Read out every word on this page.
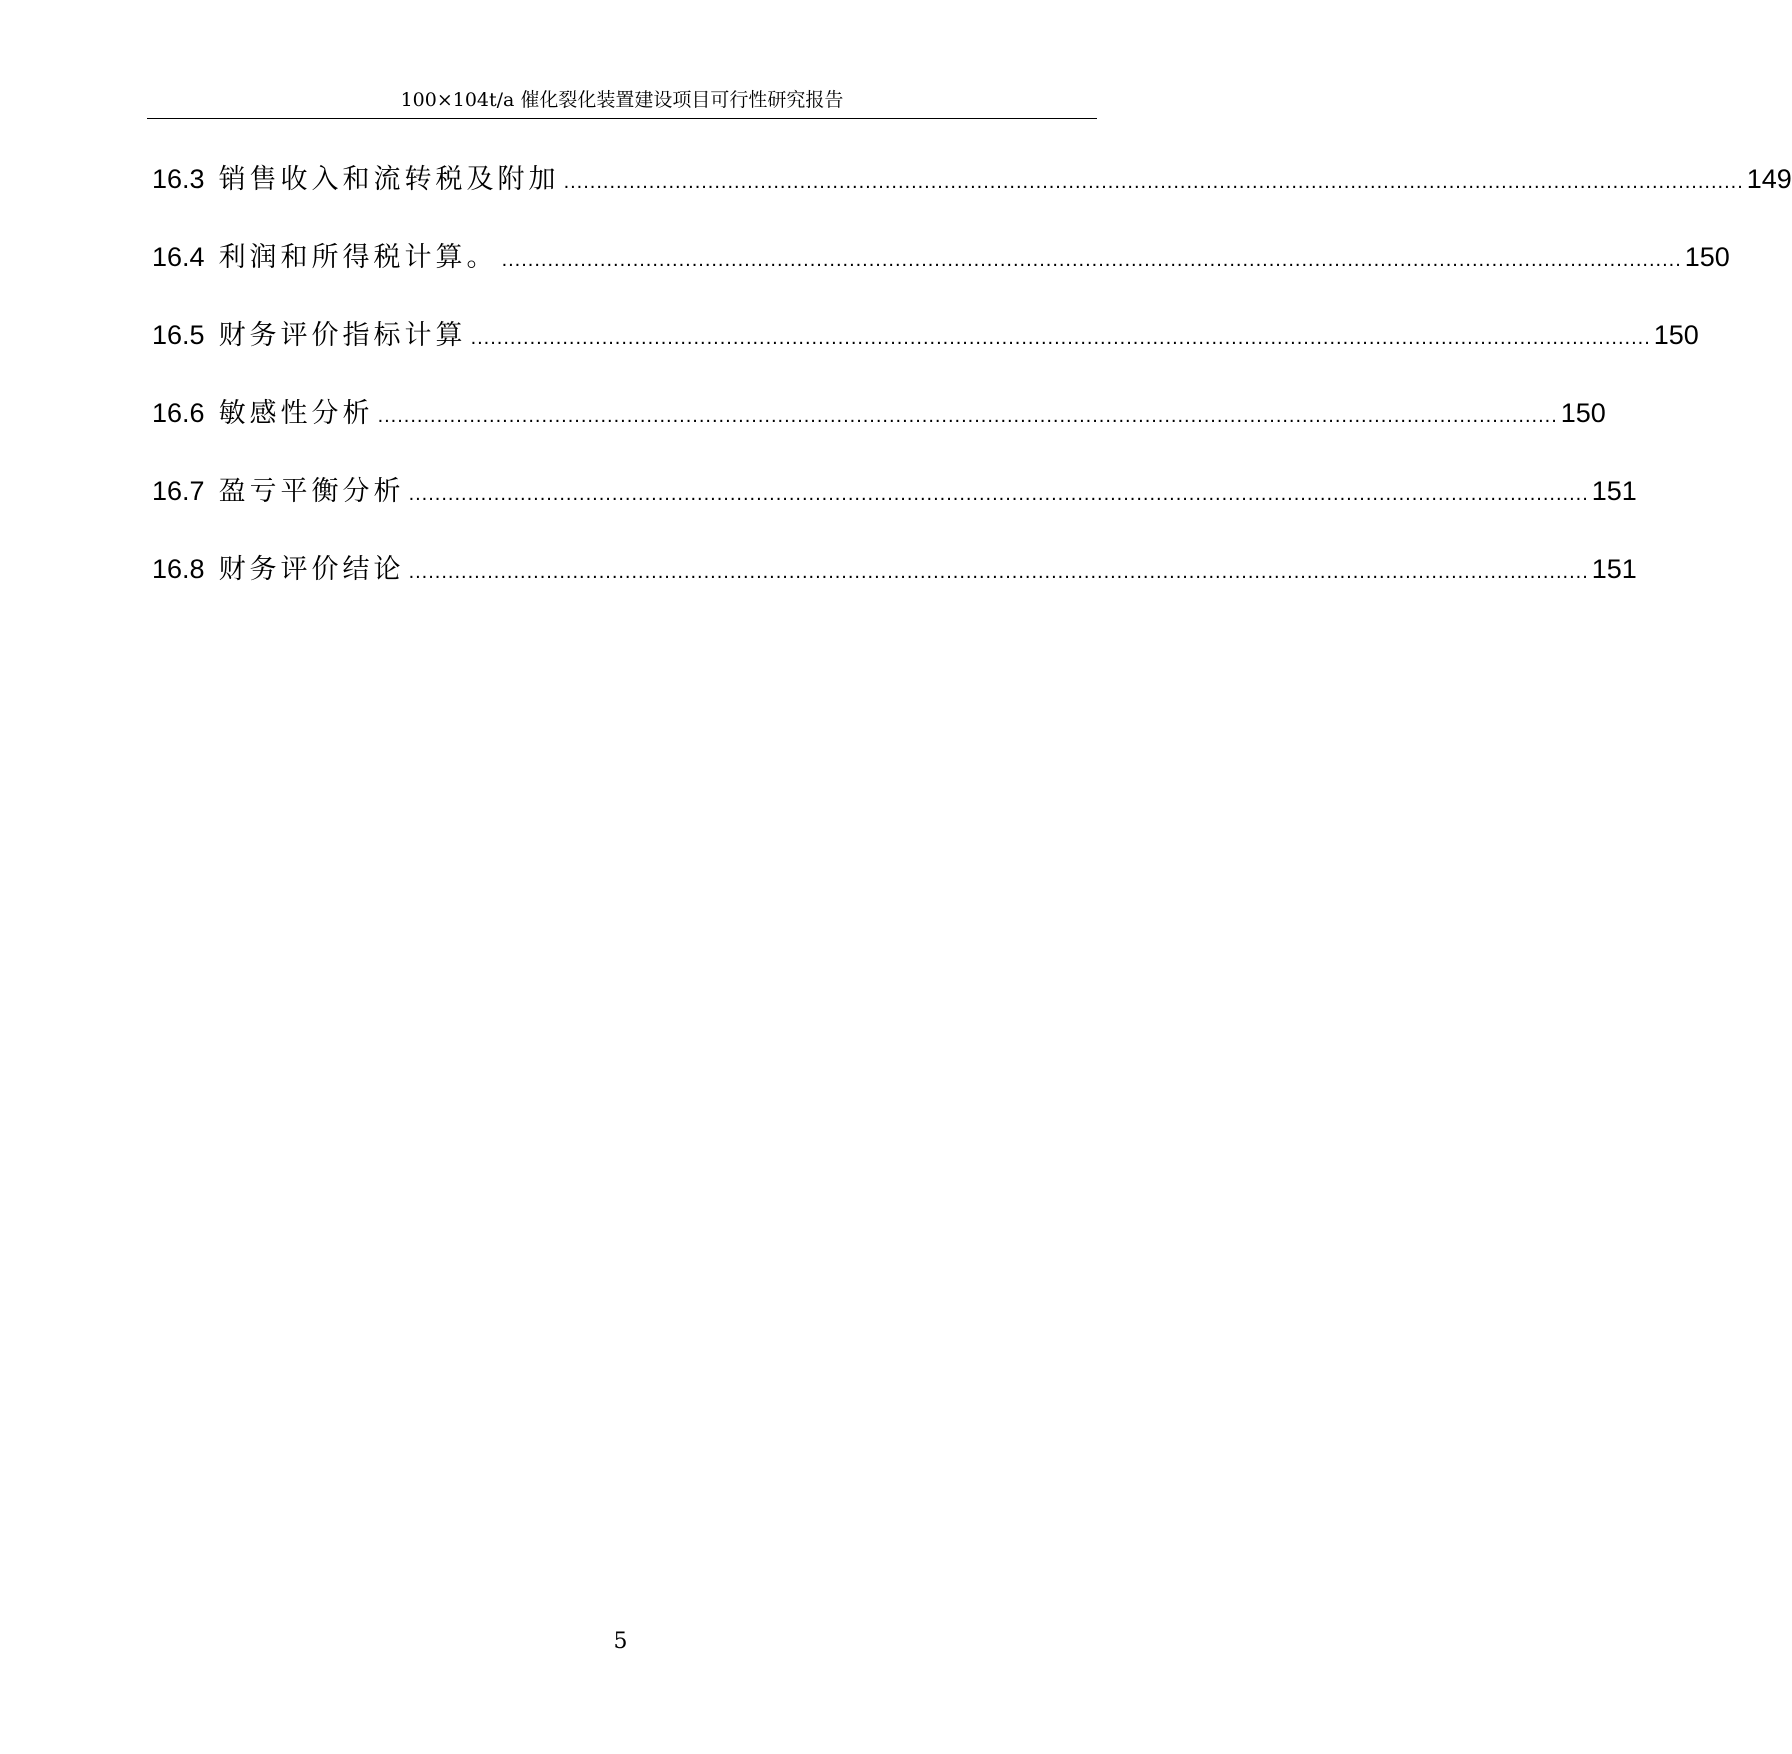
100×104t/a 催化裂化装置建设项目可行性研究报告
16.3 销售收入和流转税及附加 .................................................................................................................................................................................... 149
16.4 利润和所得税计算。 .................................................................................................................................................................................... 150
16.5 财务评价指标计算 .................................................................................................................................................................................... 150
16.6 敏感性分析 .................................................................................................................................................................................... 150
16.7 盈亏平衡分析 .................................................................................................................................................................................... 151
16.8 财务评价结论 .................................................................................................................................................................................... 151
5
